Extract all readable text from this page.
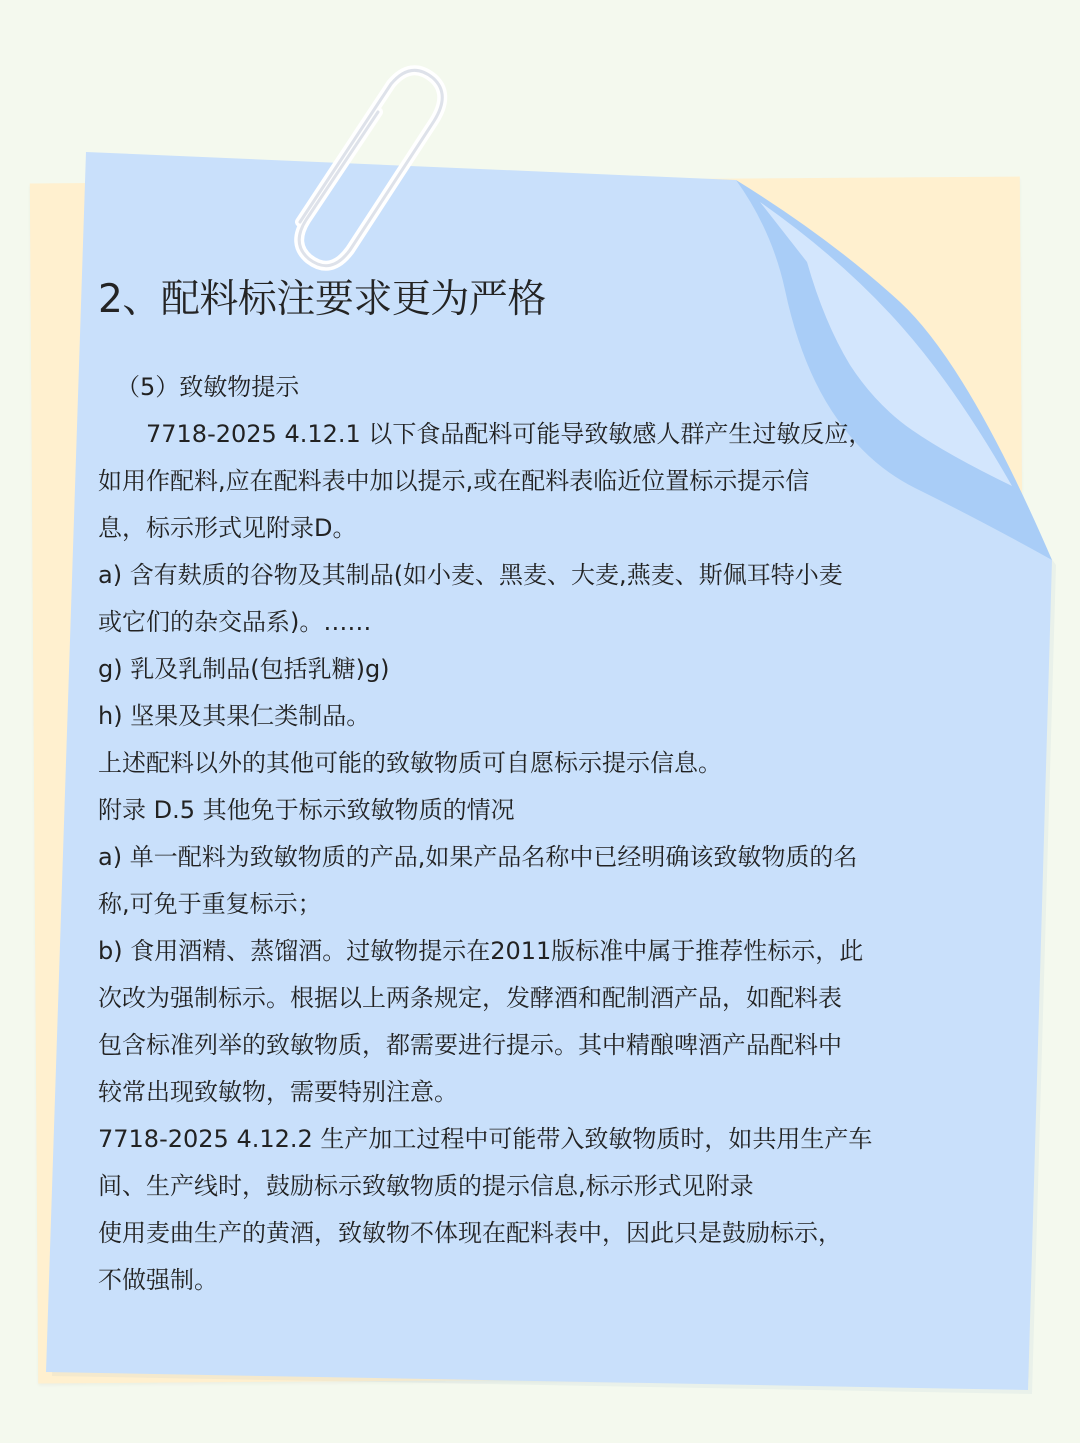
2、配料标注要求更为严格
（5）致敏物提示
7718-2025 4.12.1 以下食品配料可能导致敏感人群产生过敏反应，
如用作配料,应在配料表中加以提示,或在配料表临近位置标示提示信
息，标示形式见附录D。
a) 含有麸质的谷物及其制品(如小麦、黑麦、大麦,燕麦、斯佩耳特小麦
或它们的杂交品系)。……
g) 乳及乳制品(包括乳糖)g)
h) 坚果及其果仁类制品。
上述配料以外的其他可能的致敏物质可自愿标示提示信息。
附录 D.5 其他免于标示致敏物质的情况
a) 单一配料为致敏物质的产品,如果产品名称中已经明确该致敏物质的名
称,可免于重复标示；
b) 食用酒精、蒸馏酒。过敏物提示在2011版标准中属于推荐性标示，此
次改为强制标示。根据以上两条规定，发酵酒和配制酒产品，如配料表
包含标准列举的致敏物质，都需要进行提示。其中精酿啤酒产品配料中
较常出现致敏物，需要特别注意。
7718-2025 4.12.2 生产加工过程中可能带入致敏物质时，如共用生产车
间、生产线时，鼓励标示致敏物质的提示信息,标示形式见附录
使用麦曲生产的黄酒，致敏物不体现在配料表中，因此只是鼓励标示，
不做强制。
